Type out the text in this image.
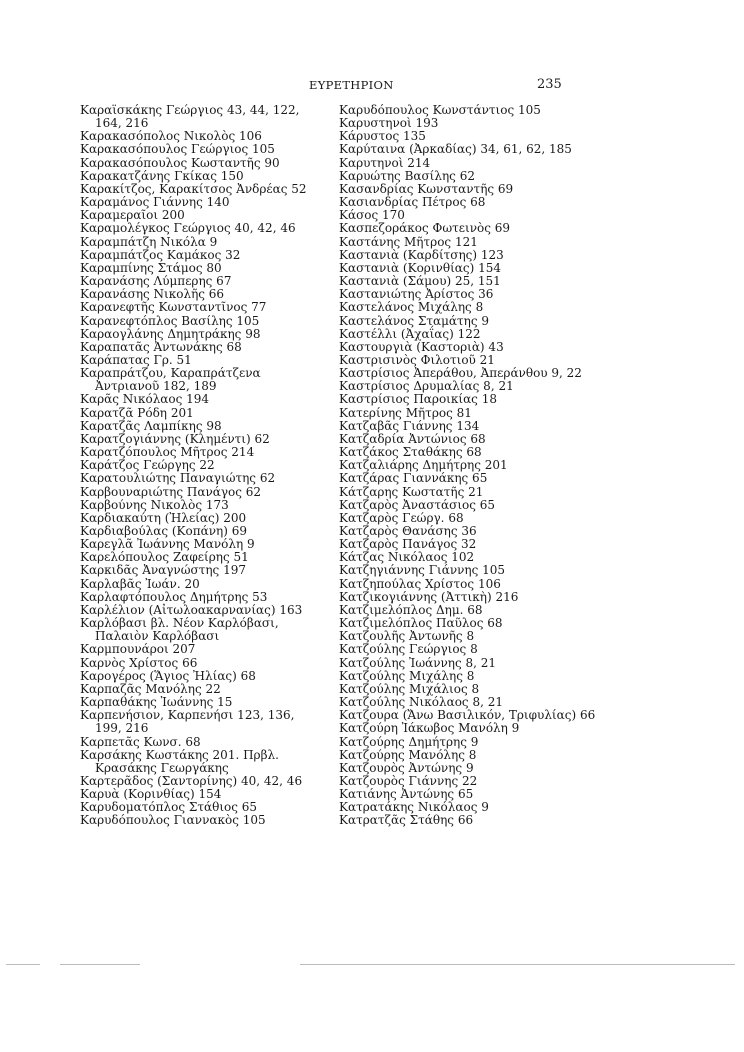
ΕΥΡΕΤΗΡΙΟΝ	235

Καραϊσκάκης Γεώργιος 43, 44, 122, 164, 216

Καρακασόπολος Νικολὸς 106

Καρακασόπουλος Γεώργιος 105

Καρακασόπουλος Κωσταντῆς 90

Καρακατζάνης Γκίκας 150

Καρακίτζος, Καρακίτσος Ἀνδρέας 52

Καραμάνος Γιάννης 140

Καραμεραῖοι 200

Καραμολέγκος Γεώργιος 40, 42, 46

Καραμπάτζη Νικόλα 9

Καραμπάτζος Καμάκος 32

Καραμπίνης Στάμος 80

Καρανάσης Λύμπερης 67

Καρανάσης Νικολῆς 66

Καρανεφτῆς Κωνσταντῖνος 77

Καρανεφτόπλος Βασίλης 105

Καραογλάνης Δημητράκης 98

Καραπατᾶς Ἀντωνάκης 68

Καράπατας Γρ. 51

Καραπράτζου, Καραπράτζενα Ἀντριανοῦ 182, 189

Καρᾶς Νικόλαος 194

Καρατζᾶ Ρόδη 201

Καρατζᾶς Λαμπίκης 98

Καρατζογιάννης (Κλημέντι) 62

Καρατζόπουλος Μῆτρος 214

Καράτζος Γεώργης 22

Καρατουλιώτης Παναγιώτης 62

Καρβουναριώτης Πανάγος 62

Καρβούνης Νικολὸς 173

Καρδιακαύτη (Ἠλείας) 200

Καρδιαβούλας (Κοπάνη) 69

Καρεγλᾶ Ἰωάννης Μανόλη 9

Καρελόπουλος Ζαφείρης 51

Καρκιδᾶς Ἀναγνώστης 197

Καρλαβᾶς Ἰωάν. 20

Καρλαφτόπουλος Δημήτρης 53

Καρλέλιον (Αἰτωλοακαρνανίας) 163

Καρλόβασι βλ. Νέον Καρλόβασι, Παλαιὸν Καρλόβασι

Καρμπουνάροι 207

Καρνὸς Χρίστος 66

Καρογέρος (Ἅγιος Ἠλίας) 68

Καρπαζᾶς Μανόλης 22

Καρπαθάκης Ἰωάννης 15

Καρπενήσιον, Καρπενήσι 123, 136, 199, 216

Καρπετᾶς Κωνσ. 68

Καρσάκης Κωστάκης 201. Πρβλ. Κρασάκης Γεωργάκης

Καρτερᾶδος (Σαντορίνης) 40, 42, 46

Καρυὰ (Κορινθίας) 154

Καρυδοματόπλος Στάθιος 65

Καρυδόπουλος Γιαννακὸς 105

Καρυδόπουλος Κωνστάντιος 105

Καρυστηνοὶ 193

Κάρυστος 135

Καρύταινα (Ἀρκαδίας) 34, 61, 62, 185

Καρυτηνοὶ 214

Καρυώτης Βασίλης 62

Κασανδρίας Κωνσταντῆς 69

Κασιανδρίας Πέτρος 68

Κάσος 170

Κασπεζοράκος Φωτεινὸς 69

Καστάνης Μῆτρος 121

Καστανιὰ (Καρδίτσης) 123

Καστανιὰ (Κορινθίας) 154

Καστανιὰ (Σάμου) 25, 151

Καστανιώτης Ἀρίστος 36

Καστελάνος Μιχάλης 8

Καστελάνος Σταμάτης 9

Καστέλλι (Ἀχαΐας) 122

Καστουργιὰ (Καστοριὰ) 43

Καστρισινὸς Φιλοτιοῦ 21

Καστρίσιος Ἀπεράθου, Ἀπεράνθου 9, 22

Καστρίσιος Δρυμαλίας 8, 21

Καστρίσιος Παροικίας 18

Κατερίνης Μῆτρος 81

Κατζαβᾶς Γιάννης 134

Κατζαδρία Ἀντώνιος 68

Κατζάκος Σταθάκης 68

Κατζαλιάρης Δημήτρης 201

Κατζάρας Γιαννάκης 65

Κάτζαρης Κωστατῆς 21

Κατζαρὸς Ἀναστάσιος 65

Κατζαρὸς Γεώργ. 68

Κατζαρὸς Θανάσης 36

Κατζαρὸς Πανάγος 32

Κάτζας Νικόλαος 102

Κατζηγιάννης Γιάννης 105

Κατζηπούλας Χρίστος 106

Κατζικογιάννης (Ἀττικὴ) 216

Κατζιμελόπλος Δημ. 68

Κατζιμελόπλος Παῦλος 68

Κατζουλῆς Ἀντωνῆς 8

Κατζούλης Γεώργιος 8

Κατζούλης Ἰωάννης 8, 21

Κατζούλης Μιχάλης 8

Κατζούλης Μιχάλιος 8

Κατζούλης Νικόλαος 8, 21

Κατζουρα (Ἄνω Βασιλικόν, Τριφυλίας) 66

Κατζούρη Ἰάκωβος Μανόλη 9

Κατζούρης Δημήτρης 9

Κατζούρης Μανόλης 8

Κατζουρὸς Ἀντώνης 9

Κατζουρὸς Γιάννης 22

Κατιάνης Ἀντώνης 65

Κατρατάκης Νικόλαος 9

Κατρατζᾶς Στάθης 66
